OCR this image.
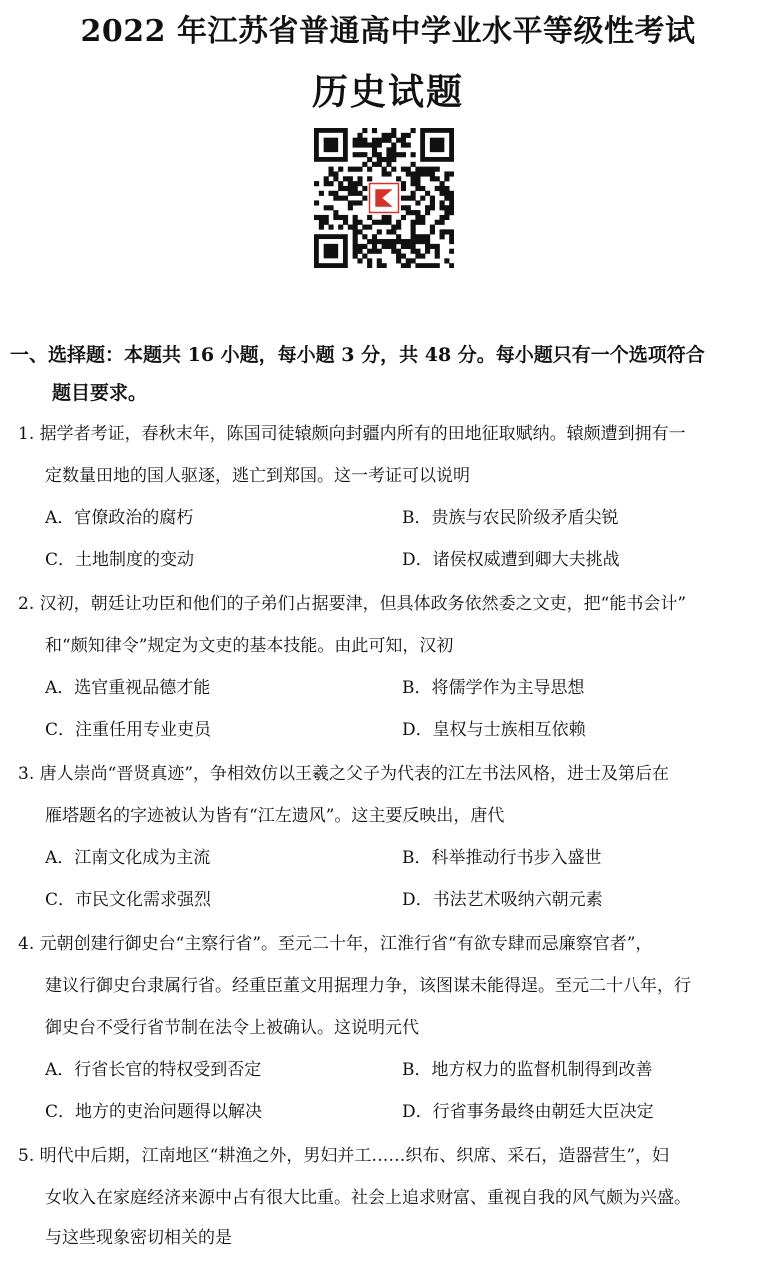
2022 年江苏省普通高中学业水平等级性考试
历史试题
一、选择题：本题共 16 小题，每小题 3 分，共 48 分。每小题只有一个选项符合
题目要求。
1. 据学者考证，春秋末年，陈国司徒辕颇向封疆内所有的田地征取赋纳。辕颇遭到拥有一
定数量田地的国人驱逐，逃亡到郑国。这一考证可以说明
A．官僚政治的腐朽	B．贵族与农民阶级矛盾尖锐
C．土地制度的变动	D．诸侯权威遭到卿大夫挑战
2. 汉初，朝廷让功臣和他们的子弟们占据要津，但具体政务依然委之文吏，把“能书会计”
和“颇知律令”规定为文吏的基本技能。由此可知，汉初
A．选官重视品德才能	B．将儒学作为主导思想
C．注重任用专业吏员	D．皇权与士族相互依赖
3. 唐人崇尚“晋贤真迹”，争相效仿以王羲之父子为代表的江左书法风格，进士及第后在
雁塔题名的字迹被认为皆有“江左遗风”。这主要反映出，唐代
A．江南文化成为主流	B．科举推动行书步入盛世
C．市民文化需求强烈	D．书法艺术吸纳六朝元素
4. 元朝创建行御史台“主察行省”。至元二十年，江淮行省“有欲专肆而忌廉察官者”，
建议行御史台隶属行省。经重臣董文用据理力争，该图谋未能得逞。至元二十八年，行
御史台不受行省节制在法令上被确认。这说明元代
A．行省长官的特权受到否定	B．地方权力的监督机制得到改善
C．地方的吏治问题得以解决	D．行省事务最终由朝廷大臣决定
5. 明代中后期，江南地区“耕渔之外，男妇并工……织布、织席、采石，造器营生”，妇
女收入在家庭经济来源中占有很大比重。社会上追求财富、重视自我的风气颇为兴盛。
与这些现象密切相关的是
